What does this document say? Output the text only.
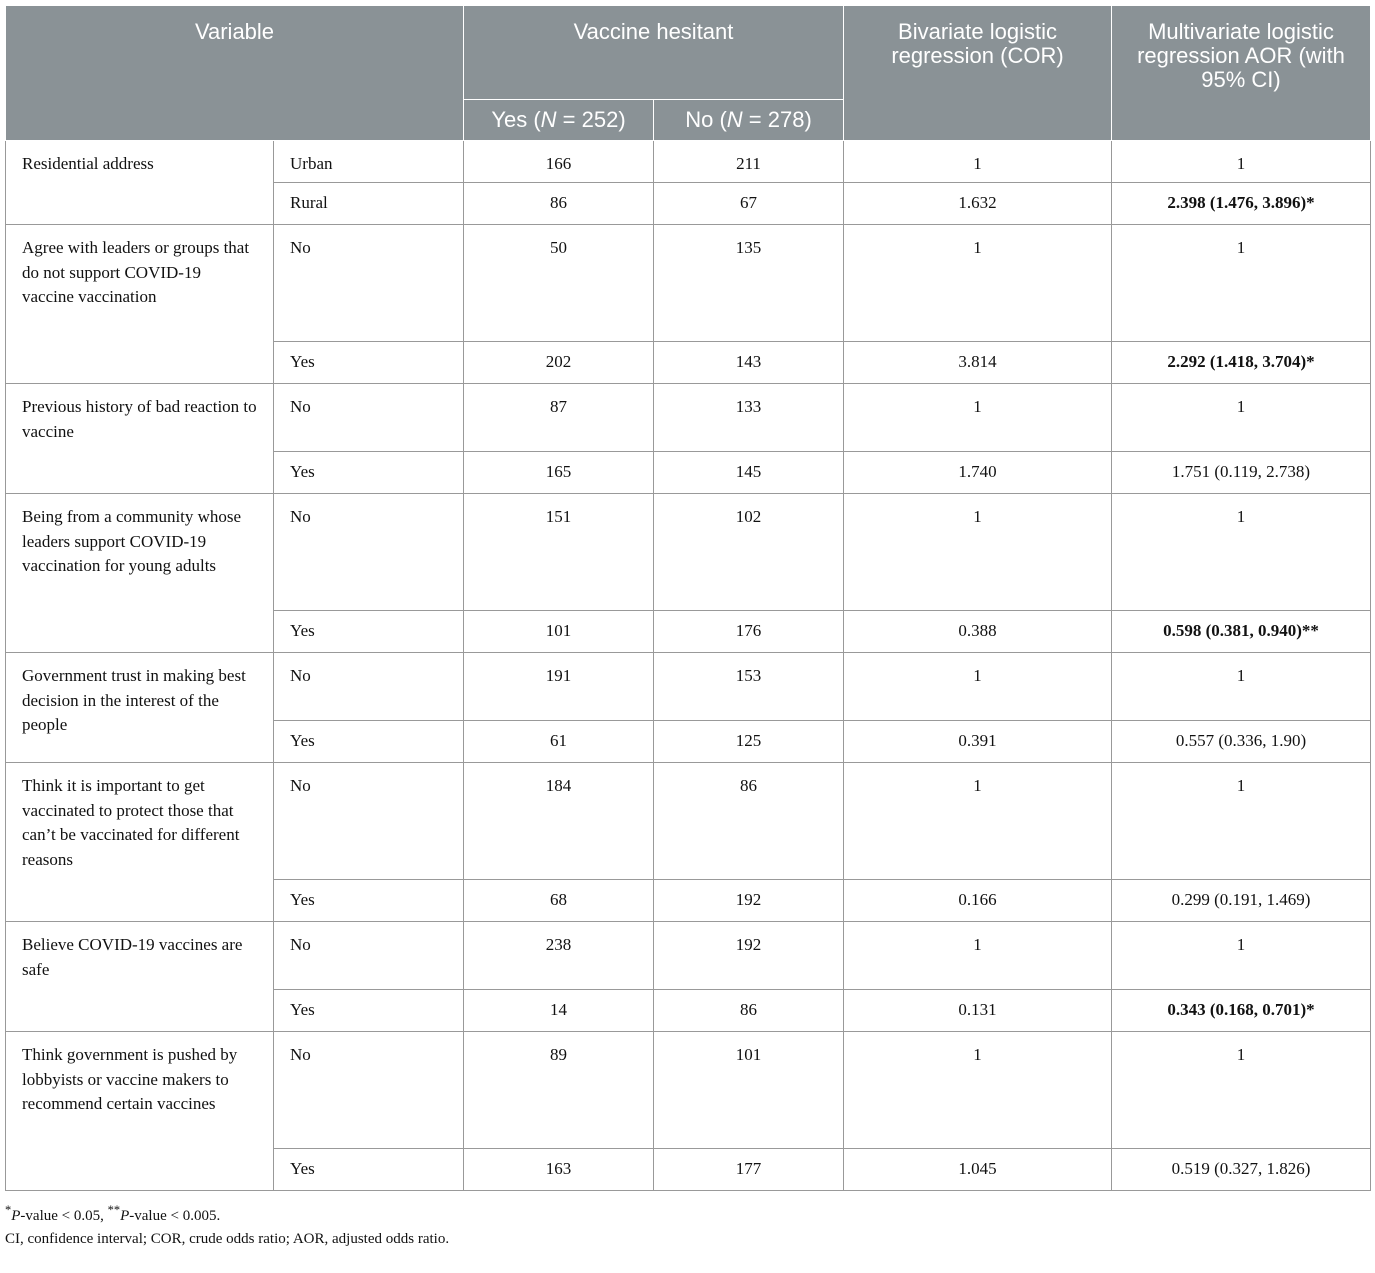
Variable		Vaccine hesitant		Bivariate logistic regression (COR)	Multivariate logistic regression AOR (with 95% CI)
		Yes (N = 252)	No (N = 278)		
Residential address	Urban	166	211	1	1
	Rural	86	67	1.632	2.398 (1.476, 3.896)*
Agree with leaders or groups that do not support COVID-19 vaccine vaccination	No	50	135	1	1
	Yes	202	143	3.814	2.292 (1.418, 3.704)*
Previous history of bad reaction to vaccine	No	87	133	1	1
	Yes	165	145	1.740	1.751 (0.119, 2.738)
Being from a community whose leaders support COVID-19 vaccination for young adults	No	151	102	1	1
	Yes	101	176	0.388	0.598 (0.381, 0.940)**
Government trust in making best decision in the interest of the people	No	191	153	1	1
	Yes	61	125	0.391	0.557 (0.336, 1.90)
Think it is important to get vaccinated to protect those that can’t be vaccinated for different reasons	No	184	86	1	1
	Yes	68	192	0.166	0.299 (0.191, 1.469)
Believe COVID-19 vaccines are safe	No	238	192	1	1
	Yes	14	86	0.131	0.343 (0.168, 0.701)*
Think government is pushed by lobbyists or vaccine makers to recommend certain vaccines	No	89	101	1	1
	Yes	163	177	1.045	0.519 (0.327, 1.826)
*P-value < 0.05, **P-value < 0.005.
CI, confidence interval; COR, crude odds ratio; AOR, adjusted odds ratio.
